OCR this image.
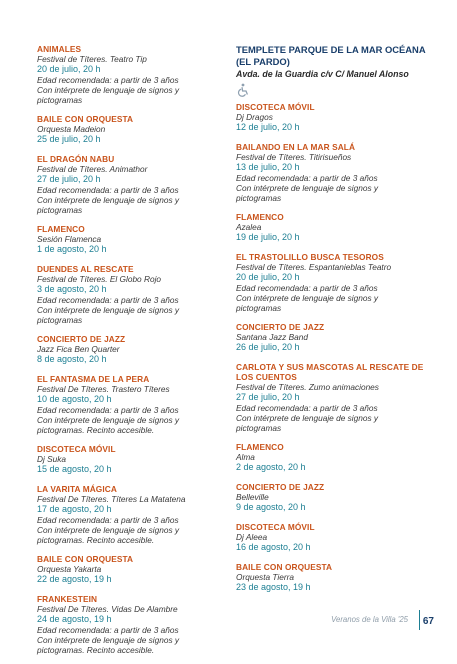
ANIMALES
Festival de Títeres. Teatro Tip
20 de julio, 20 h
Edad recomendada: a partir de 3 años
Con intérprete de lenguaje de signos y
pictogramas
BAILE CON ORQUESTA
Orquesta Madeion
25 de julio, 20 h
EL DRAGÓN NABU
Festival de Títeres. Animathor
27 de julio, 20 h
Edad recomendada: a partir de 3 años
Con intérprete de lenguaje de signos y
pictogramas
FLAMENCO
Sesión Flamenca
1 de agosto, 20 h
DUENDES AL RESCATE
Festival de Títeres. El Globo Rojo
3 de agosto, 20 h
Edad recomendada: a partir de 3 años
Con intérprete de lenguaje de signos y
pictogramas
CONCIERTO DE JAZZ
Jazz Fica Ben Quarter
8 de agosto, 20 h
EL FANTASMA DE LA PERA
Festival De Títeres. Trastero Títeres
10 de agosto, 20 h
Edad recomendada: a partir de 3 años
Con intérprete de lenguaje de signos y
pictogramas. Recinto accesible.
DISCOTECA MÓVIL
Dj Suka
15 de agosto, 20 h
LA VARITA MÁGICA
Festival De Títeres. Títeres La Matatena
17 de agosto, 20 h
Edad recomendada: a partir de 3 años
Con intérprete de lenguaje de signos y
pictogramas. Recinto accesible.
BAILE CON ORQUESTA
Orquesta Yakarta
22 de agosto, 19 h
FRANKESTEIN
Festival De Títeres. Vidas De Alambre
24 de agosto, 19 h
Edad recomendada: a partir de 3 años
Con intérprete de lenguaje de signos y
pictogramas. Recinto accesible.
TEMPLETE PARQUE DE LA MAR OCÉANA (EL PARDO)
Avda. de la Guardia c/v C/ Manuel Alonso
DISCOTECA MÓVIL
Dj Dragos
12 de julio, 20 h
BAILANDO EN LA MAR SALÁ
Festival de Títeres. Titirisueños
13 de julio, 20 h
Edad recomendada: a partir de 3 años
Con intérprete de lenguaje de signos y
pictogramas
FLAMENCO
Azalea
19 de julio, 20 h
EL TRASTOLILLO BUSCA TESOROS
Festival de Títeres. Espantanieblas Teatro
20 de julio, 20 h
Edad recomendada: a partir de 3 años
Con intérprete de lenguaje de signos y
pictogramas
CONCIERTO DE JAZZ
Santana Jazz Band
26 de julio, 20 h
CARLOTA Y SUS MASCOTAS AL RESCATE DE LOS CUENTOS
Festival de Títeres. Zumo animaciones
27 de julio, 20 h
Edad recomendada: a partir de 3 años
Con intérprete de lenguaje de signos y
pictogramas
FLAMENCO
Alma
2 de agosto, 20 h
CONCIERTO DE JAZZ
Belleville
9 de agosto, 20 h
DISCOTECA MÓVIL
Dj Aleea
16 de agosto, 20 h
BAILE CON ORQUESTA
Orquesta Tierra
23 de agosto, 19 h
Veranos de la Villa '25 67
